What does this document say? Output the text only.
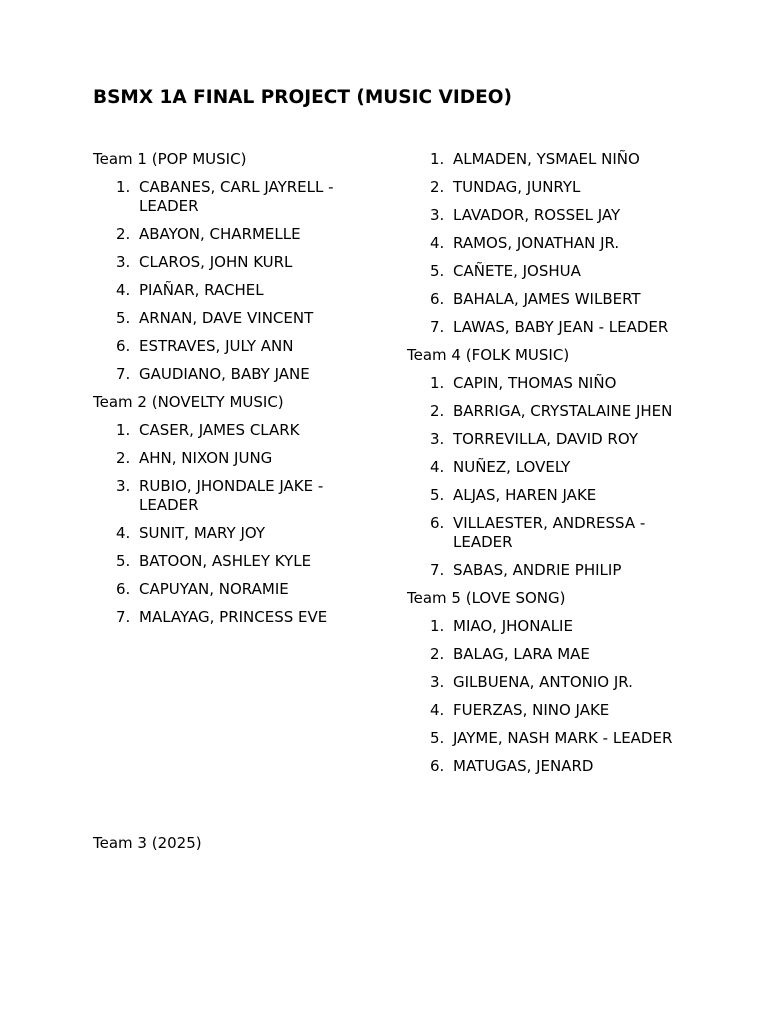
BSMX 1A FINAL PROJECT (MUSIC VIDEO)
Team 1 (POP MUSIC)
1. CABANES, CARL JAYRELL - LEADER
2. ABAYON, CHARMELLE
3. CLAROS, JOHN KURL
4. PIAÑAR, RACHEL
5. ARNAN, DAVE VINCENT
6. ESTRAVES, JULY ANN
7. GAUDIANO, BABY JANE
Team 2 (NOVELTY MUSIC)
1. CASER, JAMES CLARK
2. AHN, NIXON JUNG
3. RUBIO, JHONDALE JAKE - LEADER
4. SUNIT, MARY JOY
5. BATOON, ASHLEY KYLE
6. CAPUYAN, NORAMIE
7. MALAYAG, PRINCESS EVE
Team 3 (2025)
1. ALMADEN, YSMAEL NIÑO
2. TUNDAG, JUNRYL
3. LAVADOR, ROSSEL JAY
4. RAMOS, JONATHAN JR.
5. CAÑETE, JOSHUA
6. BAHALA, JAMES WILBERT
7. LAWAS, BABY JEAN - LEADER
Team 4 (FOLK MUSIC)
1. CAPIN, THOMAS NIÑO
2. BARRIGA, CRYSTALAINE JHEN
3. TORREVILLA, DAVID ROY
4. NUÑEZ, LOVELY
5. ALJAS, HAREN JAKE
6. VILLAESTER, ANDRESSA - LEADER
7. SABAS, ANDRIE PHILIP
Team 5 (LOVE SONG)
1. MIAO, JHONALIE
2. BALAG, LARA MAE
3. GILBUENA, ANTONIO JR.
4. FUERZAS, NINO JAKE
5. JAYME, NASH MARK - LEADER
6. MATUGAS, JENARD
